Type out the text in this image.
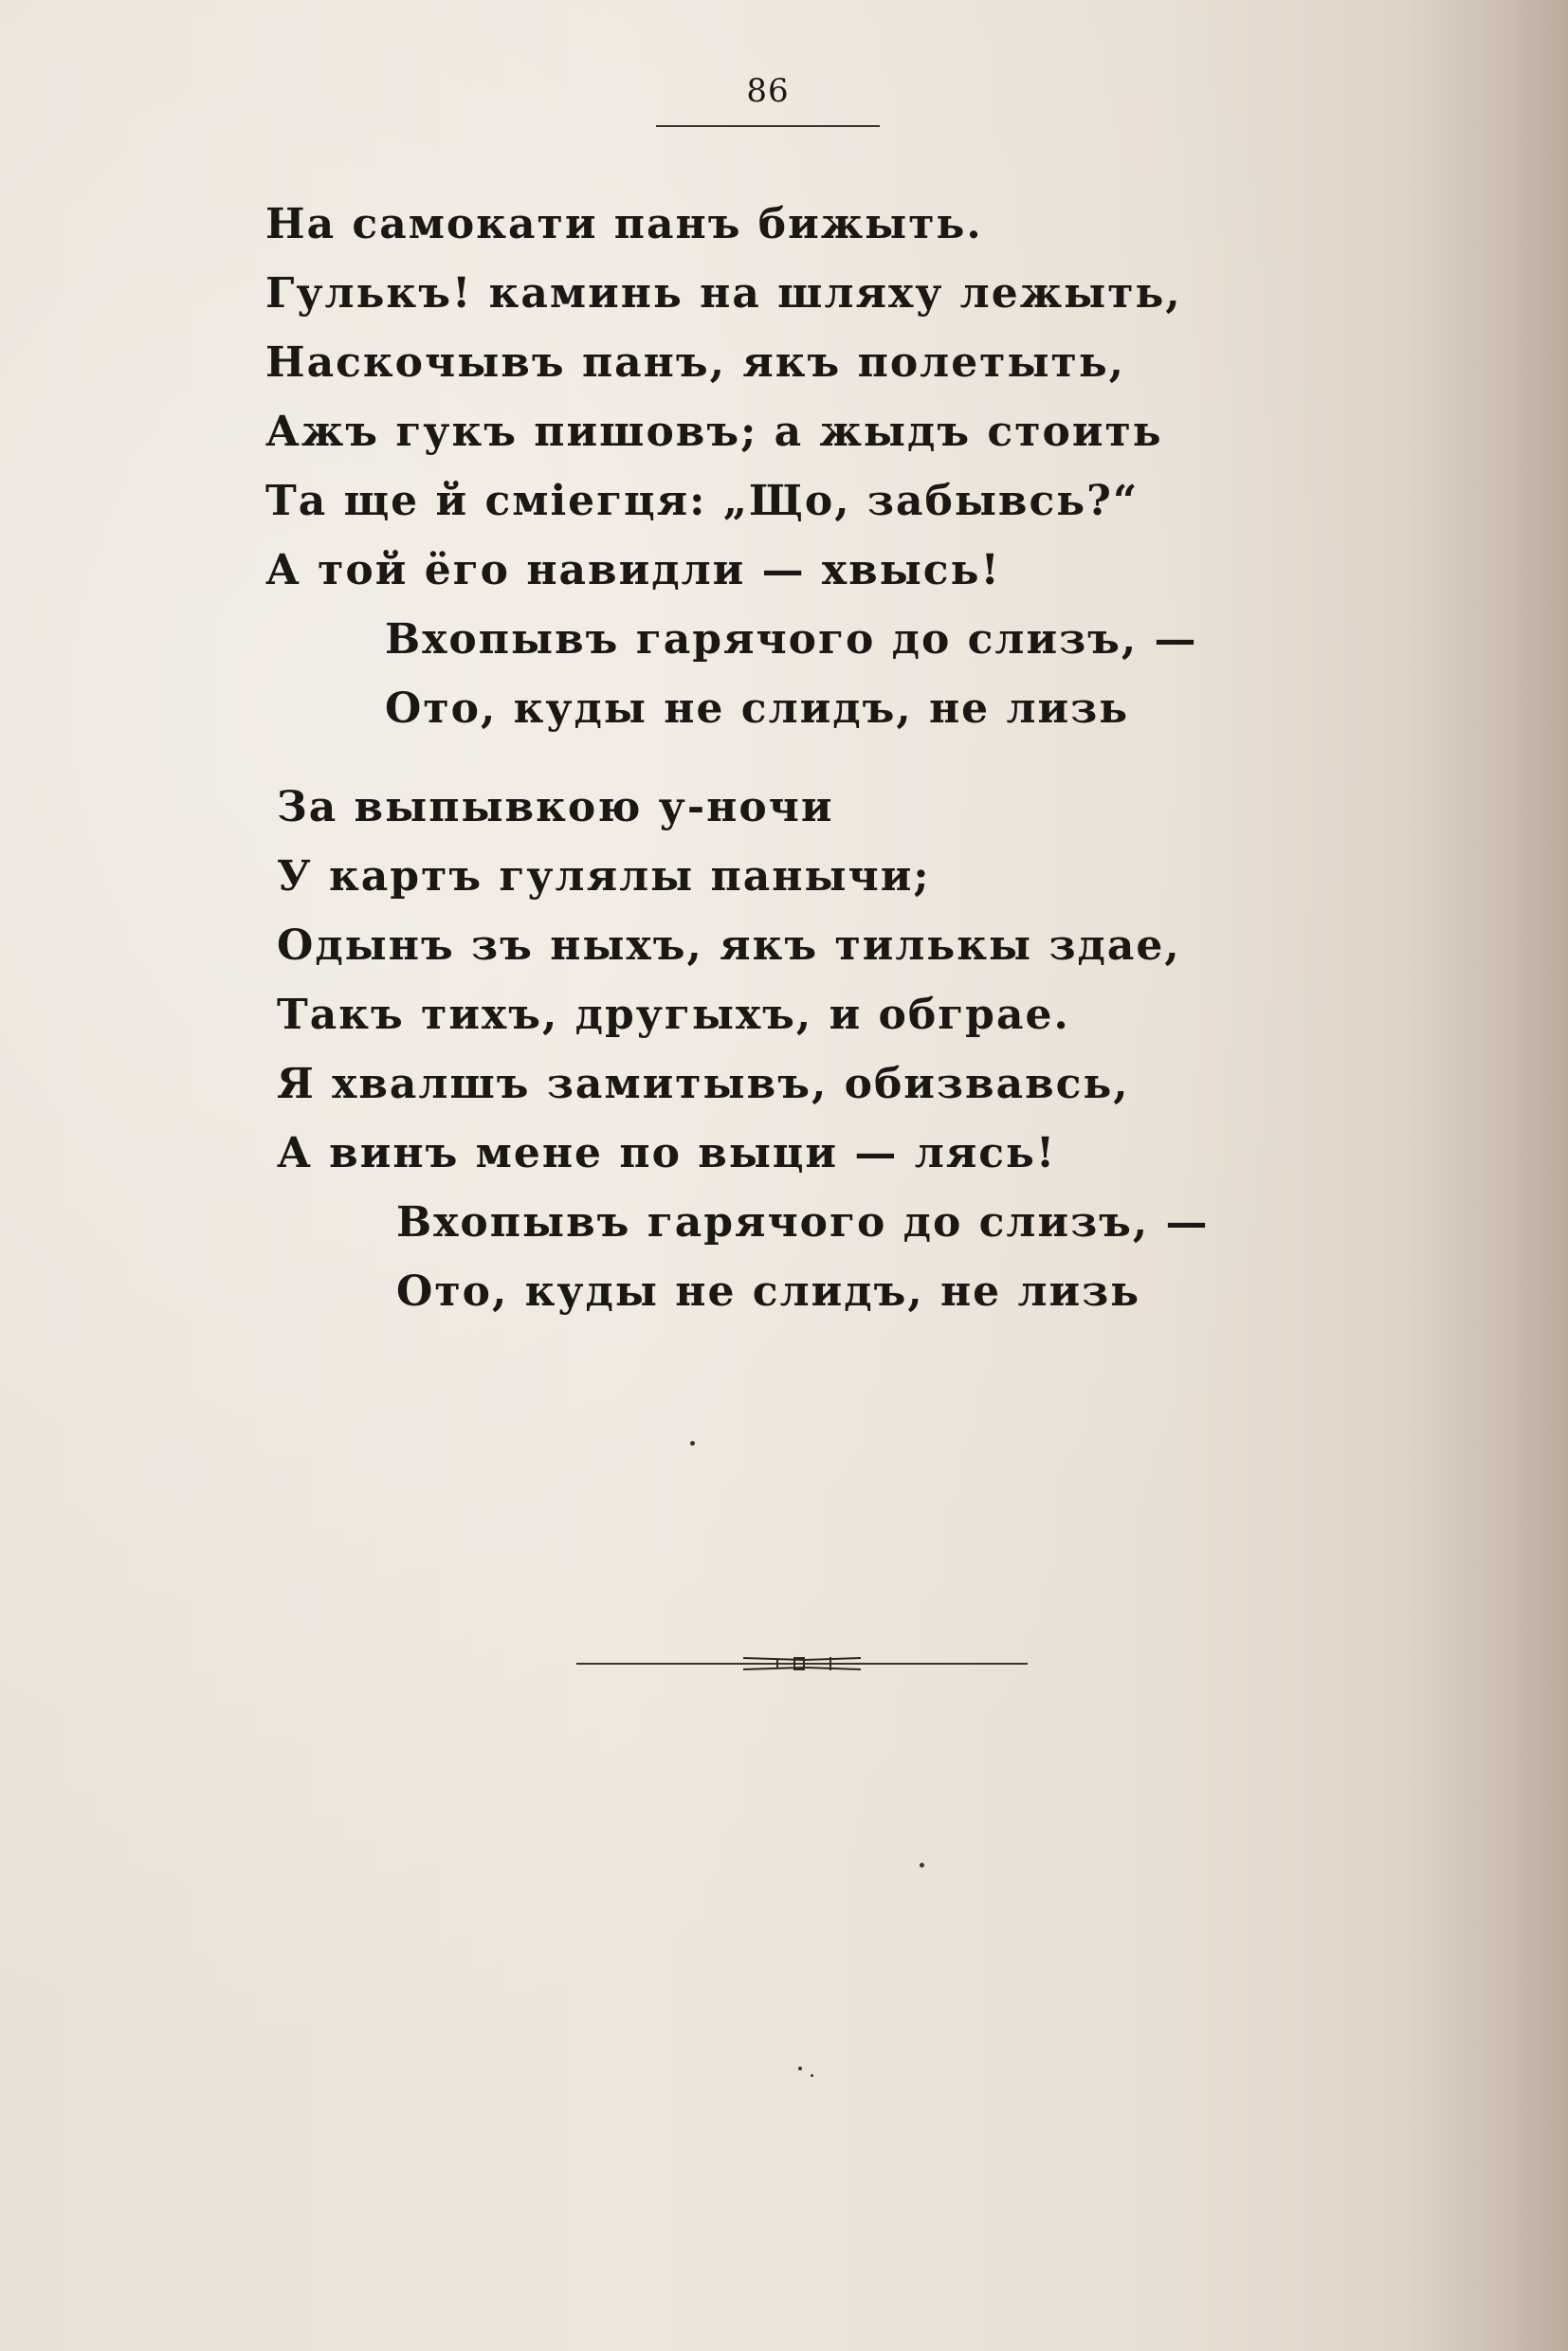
86
На самокати панъ бижыть.
Гулькъ! каминь на шляху лежыть,
Наскочывъ панъ, якъ полетыть,
Ажъ гукъ пишовъ; а жыдъ стоить
Та ще й сміегця: „Що, забывсь?“
А той ёго навидли — хвысь!
Вхопывъ гарячого до слизъ, —
Ото, куды не слидъ, не лизь
За выпывкою у-ночи
У картъ гулялы панычи;
Одынъ зъ ныхъ, якъ тилькы здае,
Такъ тихъ, другыхъ, и обграе.
Я хвалшъ замитывъ, обизвавсь,
А винъ мене по выци — лясь!
Вхопывъ гарячого до слизъ, —
Ото, куды не слидъ, не лизь
